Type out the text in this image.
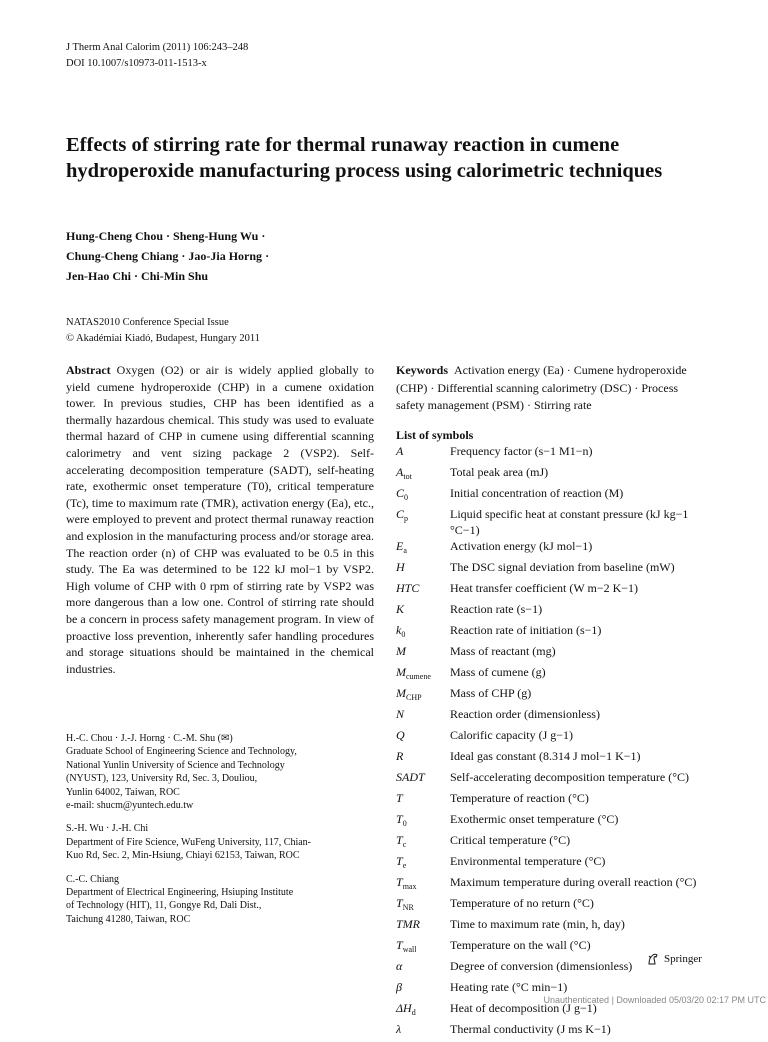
J Therm Anal Calorim (2011) 106:243–248
DOI 10.1007/s10973-011-1513-x
Effects of stirring rate for thermal runaway reaction in cumene hydroperoxide manufacturing process using calorimetric techniques
Hung-Cheng Chou · Sheng-Hung Wu ·
Chung-Cheng Chiang · Jao-Jia Horng ·
Jen-Hao Chi · Chi-Min Shu
NATAS2010 Conference Special Issue
© Akadémiai Kiadó, Budapest, Hungary 2011
Abstract Oxygen (O2) or air is widely applied globally to yield cumene hydroperoxide (CHP) in a cumene oxidation tower. In previous studies, CHP has been identified as a thermally hazardous chemical. This study was used to evaluate thermal hazard of CHP in cumene using differential scanning calorimetry and vent sizing package 2 (VSP2). Self-accelerating decomposition temperature (SADT), self-heating rate, exothermic onset temperature (T0), critical temperature (Tc), time to maximum rate (TMR), activation energy (Ea), etc., were employed to prevent and protect thermal runaway reaction and explosion in the manufacturing process and/or storage area. The reaction order (n) of CHP was evaluated to be 0.5 in this study. The Ea was determined to be 122 kJ mol−1 by VSP2. High volume of CHP with 0 rpm of stirring rate by VSP2 was more dangerous than a low one. Control of stirring rate should be a concern in process safety management program. In view of proactive loss prevention, inherently safer handling procedures and storage situations should be maintained in the chemical industries.
H.-C. Chou · J.-J. Horng · C.-M. Shu (✉)
Graduate School of Engineering Science and Technology,
National Yunlin University of Science and Technology
(NYUST), 123, University Rd, Sec. 3, Douliou,
Yunlin 64002, Taiwan, ROC
e-mail: shucm@yuntech.edu.tw
S.-H. Wu · J.-H. Chi
Department of Fire Science, WuFeng University, 117, Chian-
Kuo Rd, Sec. 2, Min-Hsiung, Chiayi 62153, Taiwan, ROC
C.-C. Chiang
Department of Electrical Engineering, Hsiuping Institute
of Technology (HIT), 11, Gongye Rd, Dali Dist.,
Taichung 41280, Taiwan, ROC
Keywords Activation energy (Ea) · Cumene hydroperoxide (CHP) · Differential scanning calorimetry (DSC) · Process safety management (PSM) · Stirring rate
List of symbols
A	Frequency factor (s−1 M1−n)
$A_{tot}$	Total peak area (mJ)
$C_0$	Initial concentration of reaction (M)
$C_p$	Liquid specific heat at constant pressure (kJ kg−1 °C−1)
$E_a$	Activation energy (kJ mol−1)
H	The DSC signal deviation from baseline (mW)
HTC	Heat transfer coefficient (W m−2 K−1)
K	Reaction rate (s−1)
$k_0$	Reaction rate of initiation (s−1)
M	Mass of reactant (mg)
$M_{cumene}$	Mass of cumene (g)
$M_{CHP}$	Mass of CHP (g)
N	Reaction order (dimensionless)
Q	Calorific capacity (J g−1)
R	Ideal gas constant (8.314 J mol−1 K−1)
SADT	Self-accelerating decomposition temperature (°C)
T	Temperature of reaction (°C)
$T_0$	Exothermic onset temperature (°C)
$T_c$	Critical temperature (°C)
$T_e$	Environmental temperature (°C)
$T_{max}$	Maximum temperature during overall reaction (°C)
$T_{NR}$	Temperature of no return (°C)
TMR	Time to maximum rate (min, h, day)
$T_{wall}$	Temperature on the wall (°C)
α	Degree of conversion (dimensionless)
β	Heating rate (°C min−1)
$\Delta H_d$	Heat of decomposition (J g−1)
λ	Thermal conductivity (J ms K−1)
Springer
Unauthenticated | Downloaded 05/03/20 02:17 PM UTC
